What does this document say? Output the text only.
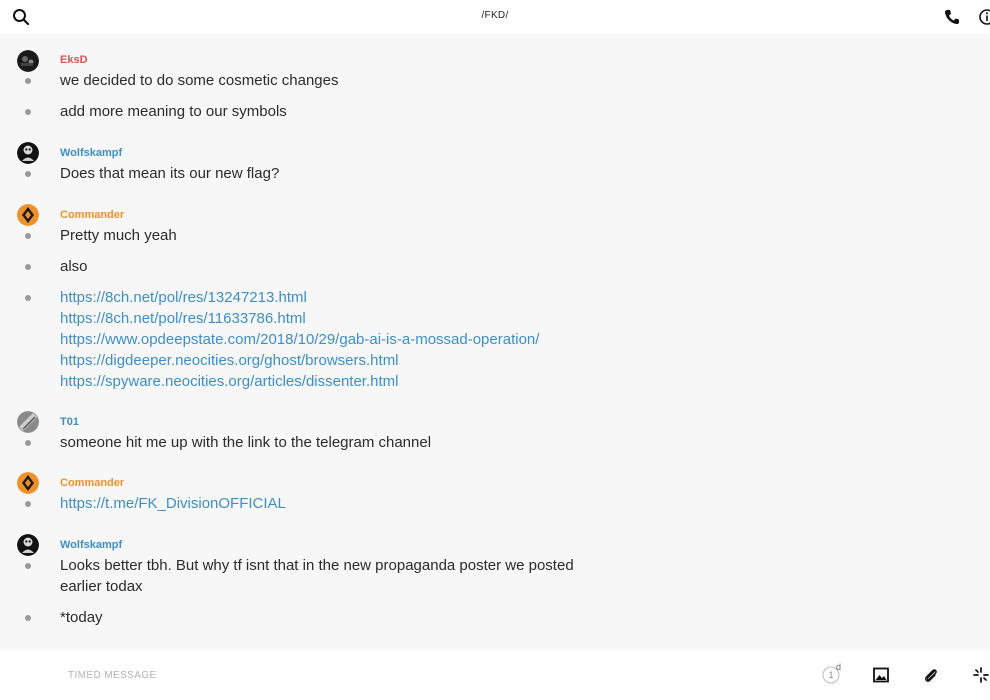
/FKD/
EksD
we decided to do some cosmetic changes
add more meaning to our symbols
Wolfskampf
Does that mean its our new flag?
Commander
Pretty much yeah
also
https://8ch.net/pol/res/13247213.html
https://8ch.net/pol/res/11633786.html
https://www.opdeepstate.com/2018/10/29/gab-ai-is-a-mossad-operation/
https://digdeeper.neocities.org/ghost/browsers.html
https://spyware.neocities.org/articles/dissenter.html
T01
someone hit me up with the link to the telegram channel
Commander
https://t.me/FK_DivisionOFFICIAL
Wolfskampf
Looks better tbh. But why tf isnt that in the new propaganda poster we posted
earlier todax
*today
TIMED MESSAGE
1
d
